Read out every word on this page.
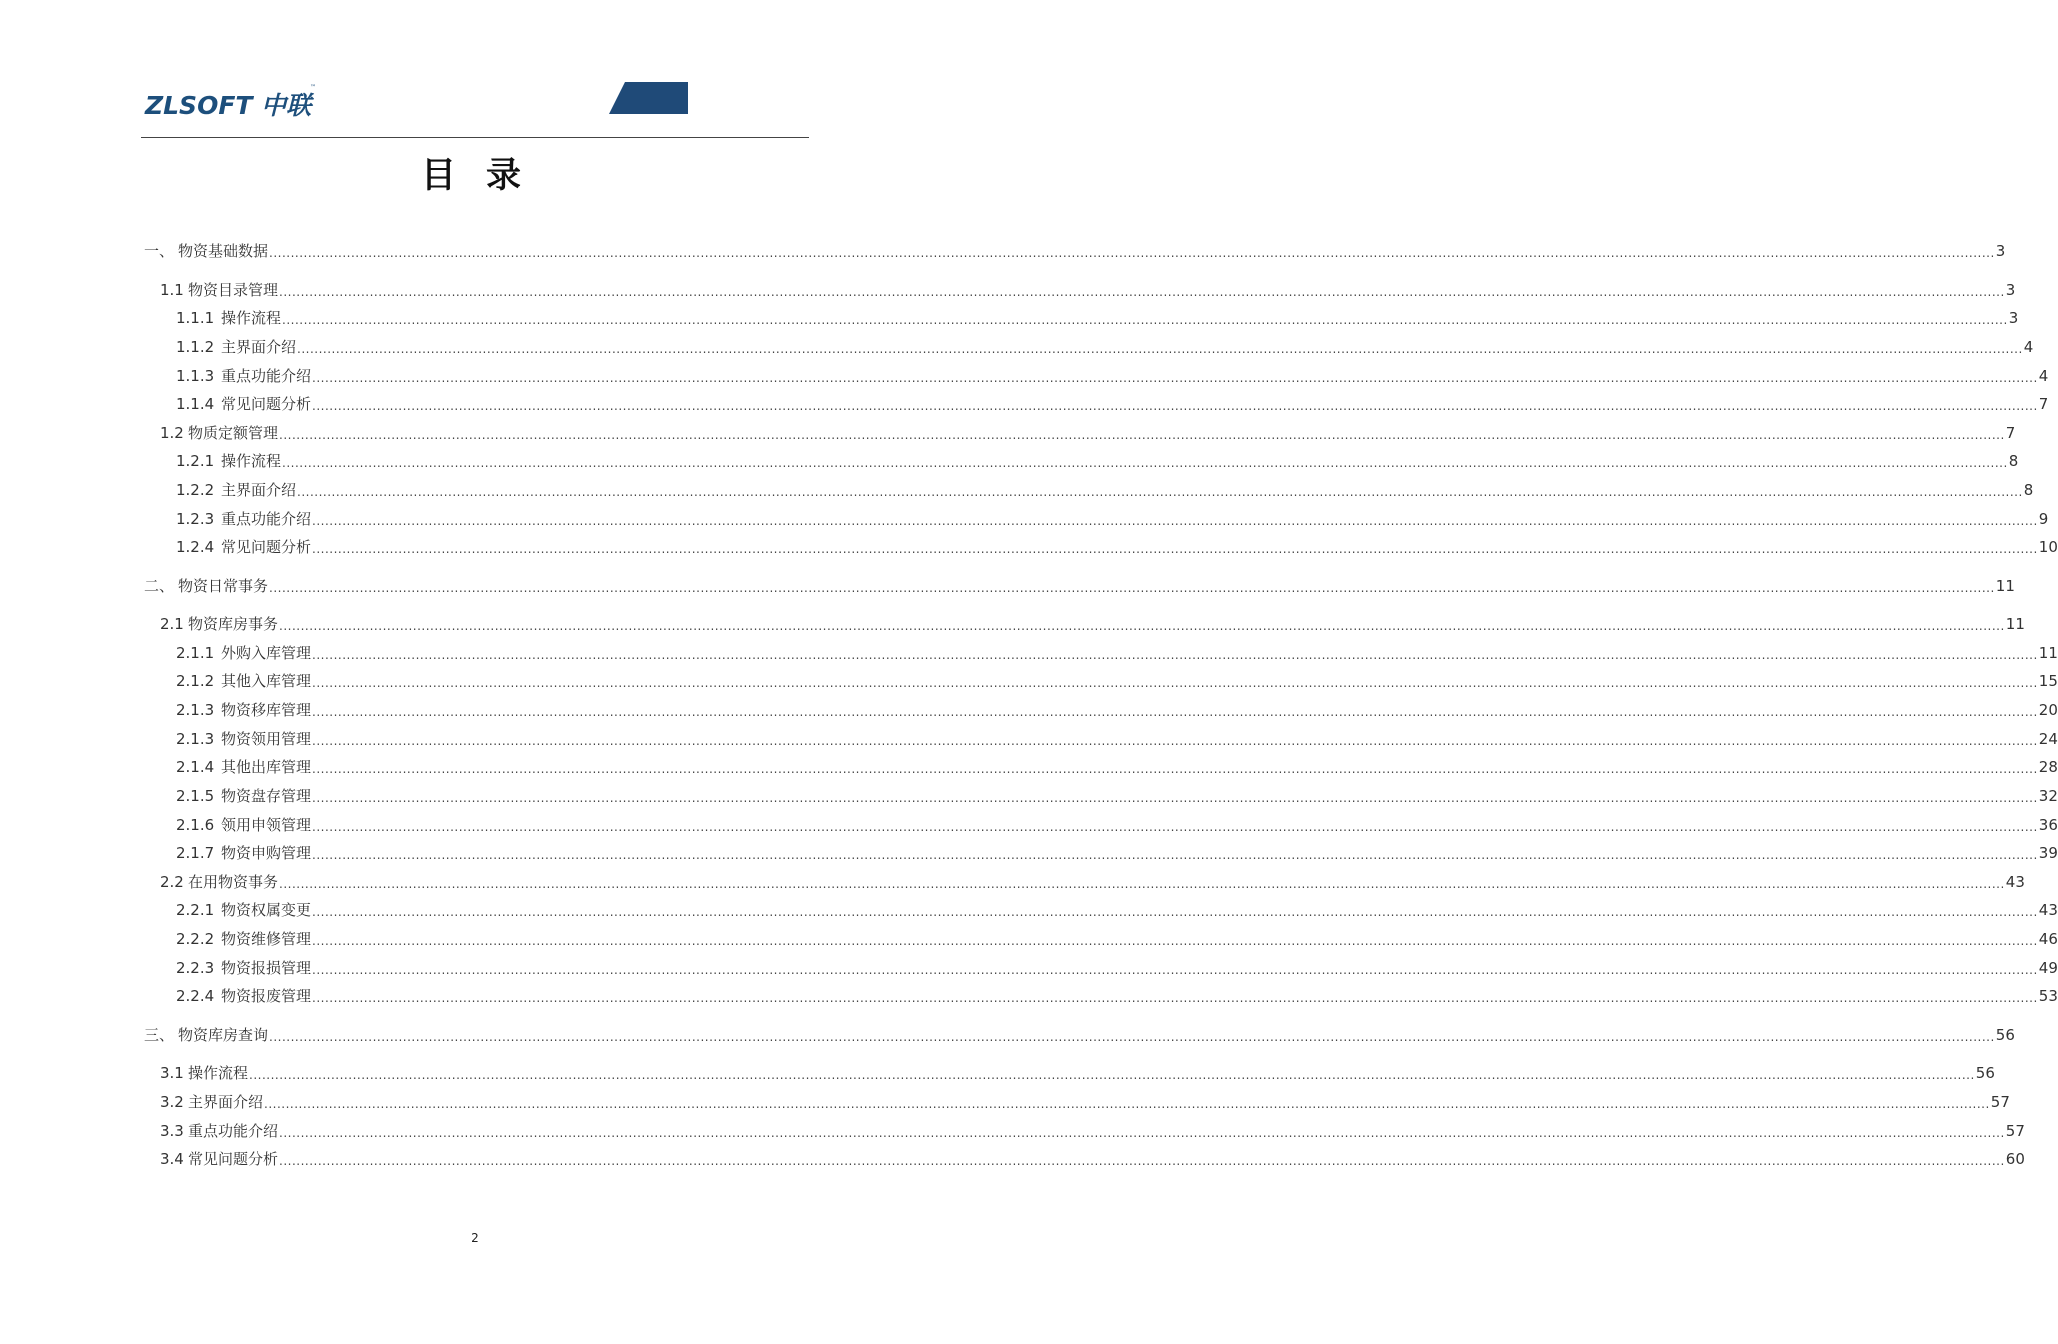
ZLSOFT 中联
™
目录
一、 物资基础数据 ................................................................................................................................................................................................................................................................................................................................................................................................................ 3
1.1 物资目录管理 ................................................................................................................................................................................................................................................................................................................................................................................................................ 3
1.1.1 操作流程 ................................................................................................................................................................................................................................................................................................................................................................................................................ 3
1.1.2 主界面介绍 ................................................................................................................................................................................................................................................................................................................................................................................................................ 4
1.1.3 重点功能介绍 ................................................................................................................................................................................................................................................................................................................................................................................................................ 4
1.1.4 常见问题分析 ................................................................................................................................................................................................................................................................................................................................................................................................................ 7
1.2 物质定额管理 ................................................................................................................................................................................................................................................................................................................................................................................................................ 7
1.2.1 操作流程 ................................................................................................................................................................................................................................................................................................................................................................................................................ 8
1.2.2 主界面介绍 ................................................................................................................................................................................................................................................................................................................................................................................................................ 8
1.2.3 重点功能介绍 ................................................................................................................................................................................................................................................................................................................................................................................................................ 9
1.2.4 常见问题分析 ................................................................................................................................................................................................................................................................................................................................................................................................................ 10
二、 物资日常事务 ................................................................................................................................................................................................................................................................................................................................................................................................................ 11
2.1 物资库房事务 ................................................................................................................................................................................................................................................................................................................................................................................................................ 11
2.1.1 外购入库管理 ................................................................................................................................................................................................................................................................................................................................................................................................................ 11
2.1.2 其他入库管理 ................................................................................................................................................................................................................................................................................................................................................................................................................ 15
2.1.3 物资移库管理 ................................................................................................................................................................................................................................................................................................................................................................................................................ 20
2.1.3 物资领用管理 ................................................................................................................................................................................................................................................................................................................................................................................................................ 24
2.1.4 其他出库管理 ................................................................................................................................................................................................................................................................................................................................................................................................................ 28
2.1.5 物资盘存管理 ................................................................................................................................................................................................................................................................................................................................................................................................................ 32
2.1.6 领用申领管理 ................................................................................................................................................................................................................................................................................................................................................................................................................ 36
2.1.7 物资申购管理 ................................................................................................................................................................................................................................................................................................................................................................................................................ 39
2.2 在用物资事务 ................................................................................................................................................................................................................................................................................................................................................................................................................ 43
2.2.1 物资权属变更 ................................................................................................................................................................................................................................................................................................................................................................................................................ 43
2.2.2 物资维修管理 ................................................................................................................................................................................................................................................................................................................................................................................................................ 46
2.2.3 物资报损管理 ................................................................................................................................................................................................................................................................................................................................................................................................................ 49
2.2.4 物资报废管理 ................................................................................................................................................................................................................................................................................................................................................................................................................ 53
三、 物资库房查询 ................................................................................................................................................................................................................................................................................................................................................................................................................ 56
3.1 操作流程 ................................................................................................................................................................................................................................................................................................................................................................................................................ 56
3.2 主界面介绍 ................................................................................................................................................................................................................................................................................................................................................................................................................ 57
3.3 重点功能介绍 ................................................................................................................................................................................................................................................................................................................................................................................................................ 57
3.4 常见问题分析 ................................................................................................................................................................................................................................................................................................................................................................................................................ 60
2
